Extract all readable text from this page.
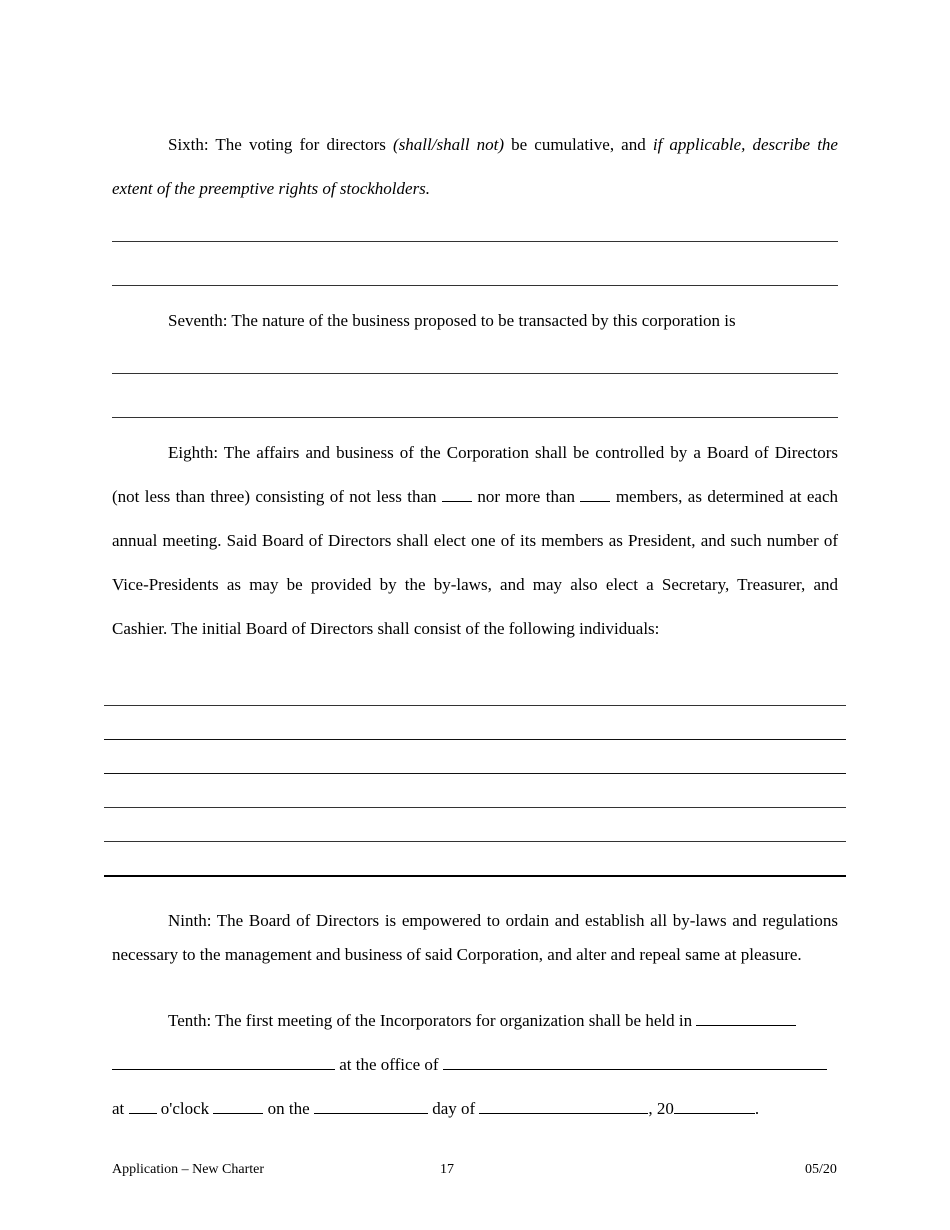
Sixth: The voting for directors (shall/shall not) be cumulative, and if applicable, describe the extent of the preemptive rights of stockholders.

Seventh: The nature of the business proposed to be transacted by this corporation is

Eighth: The affairs and business of the Corporation shall be controlled by a Board of Directors (not less than three) consisting of not less than  nor more than  members, as determined at each annual meeting. Said Board of Directors shall elect one of its members as President, and such number of Vice-Presidents as may be provided by the by-laws, and may also elect a Secretary, Treasurer, and Cashier. The initial Board of Directors shall consist of the following individuals:

Ninth: The Board of Directors is empowered to ordain and establish all by-laws and regulations necessary to the management and business of said Corporation, and alter and repeal same at pleasure.

Tenth: The first meeting of the Incorporators for organization shall be held in
at the office of
at o'clock	on the	day of	, 20	.
Application – New Charter	17	05/20
